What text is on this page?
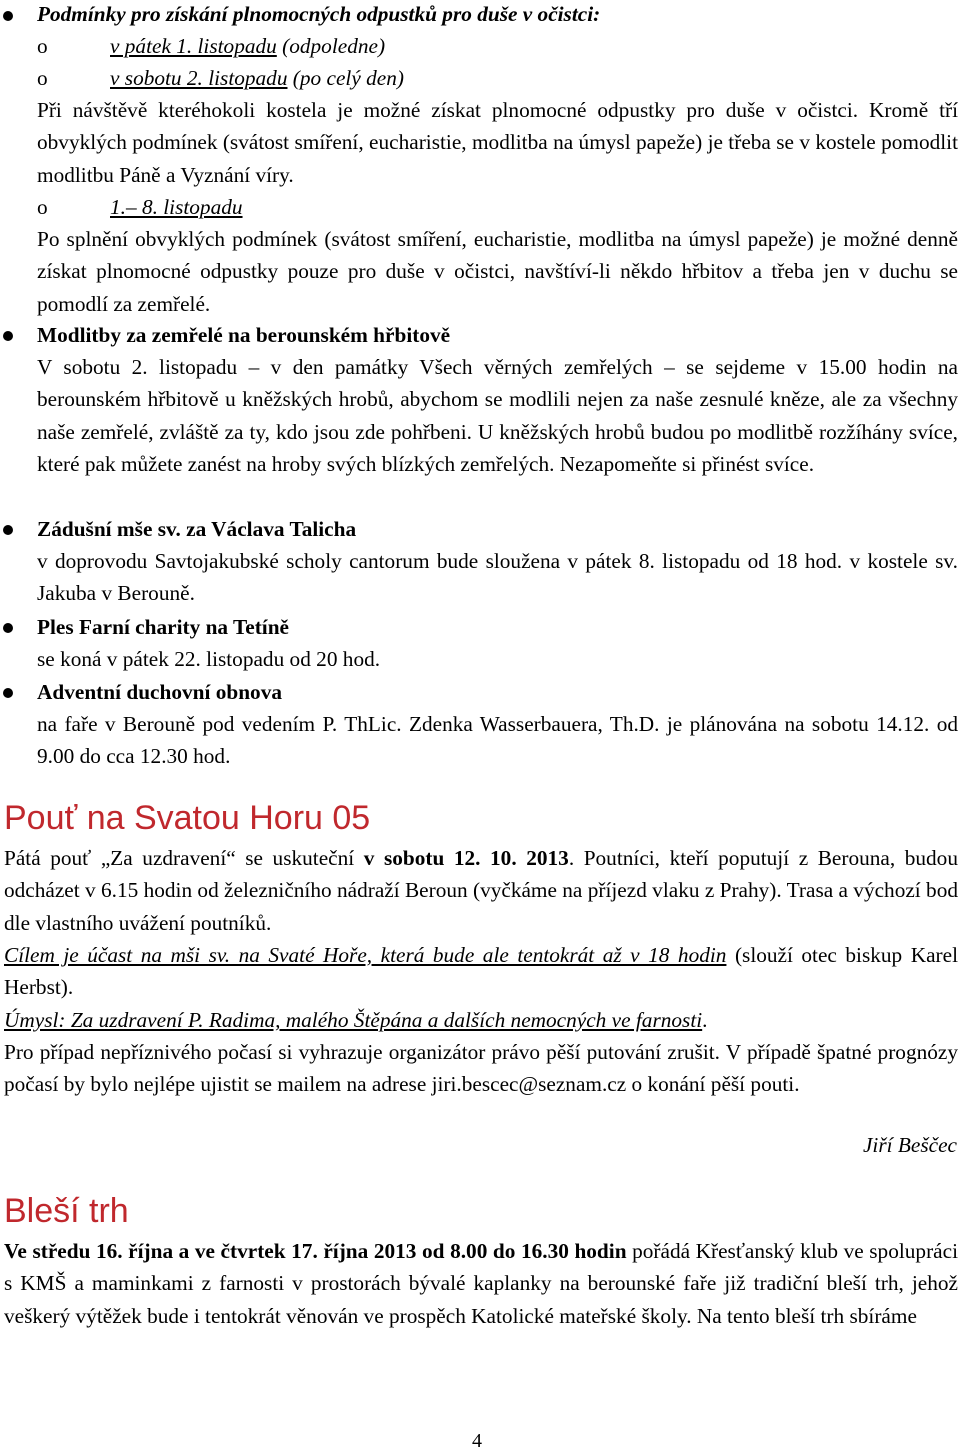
Podmínky pro získání plnomocných odpustků pro duše v očistci:
o	v pátek 1. listopadu (odpoledne)
o	v sobotu 2. listopadu (po celý den)
Při návštěvě kteréhokoli kostela je možné získat plnomocné odpustky pro duše v očistci. Kromě tří obvyklých podmínek (svátost smíření, eucharistie, modlitba na úmysl papeže) je třeba se v kostele pomodlit modlitbu Páně a Vyznání víry.
o	1.– 8. listopadu
Po splnění obvyklých podmínek (svátost smíření, eucharistie, modlitba na úmysl papeže) je možné denně získat plnomocné odpustky pouze pro duše v očistci, navštíví-li někdo hřbitov a třeba jen v duchu se pomodlí za zemřelé.
Modlitby za zemřelé na berounském hřbitově
V sobotu 2. listopadu – v den památky Všech věrných zemřelých – se sejdeme v 15.00 hodin na berounském hřbitově u kněžských hrobů, abychom se modlili nejen za naše zesnulé kněze, ale za všechny naše zemřelé, zvláště za ty, kdo jsou zde pohřbeni. U kněžských hrobů budou po modlitbě rozžíhány svíce, které pak můžete zanést na hroby svých blízkých zemřelých. Nezapomeňte si přinést svíce.
Zádušní mše sv. za Václava Talicha
v doprovodu Savtojakubské scholy cantorum bude sloužena v pátek 8. listopadu od 18 hod. v kostele sv. Jakuba v Berouně.
Ples Farní charity na Tetíně
se koná v pátek 22. listopadu od 20 hod.
Adventní duchovní obnova
na faře v Berouně pod vedením P. ThLic. Zdenka Wasserbauera, Th.D. je plánována na sobotu 14.12. od 9.00 do cca 12.30 hod.
Pouť na Svatou Horu 05
Pátá pouť „Za uzdravení“ se uskuteční v sobotu 12. 10. 2013. Poutníci, kteří poputují z Berouna, budou odcházet v 6.15 hodin od železničního nádraží Beroun (vyčkáme na příjezd vlaku z Prahy). Trasa a výchozí bod dle vlastního uvážení poutníků.
Cílem je účast na mši sv. na Svaté Hoře, která bude ale tentokrát až v 18 hodin (slouží otec biskup Karel Herbst).
Úmysl: Za uzdravení P. Radima, malého Štěpána a dalších nemocných ve farnosti.
Pro případ nepříznivého počasí si vyhrazuje organizátor právo pěší putování zrušit. V případě špatné prognózy počasí by bylo nejlépe ujistit se mailem na adrese jiri.bescec@seznam.cz o konání pěší pouti.
Jiří Beščec
Bleší trh
Ve středu 16. října a ve čtvrtek 17. října 2013 od 8.00 do 16.30 hodin pořádá Křesťanský klub ve spolupráci s KMŠ a maminkami z farnosti v prostorách bývalé kaplanky na berounské faře již tradiční bleší trh, jehož veškerý výtěžek bude i tentokrát věnován ve prospěch Katolické mateřské školy. Na tento bleší trh sbíráme
4
